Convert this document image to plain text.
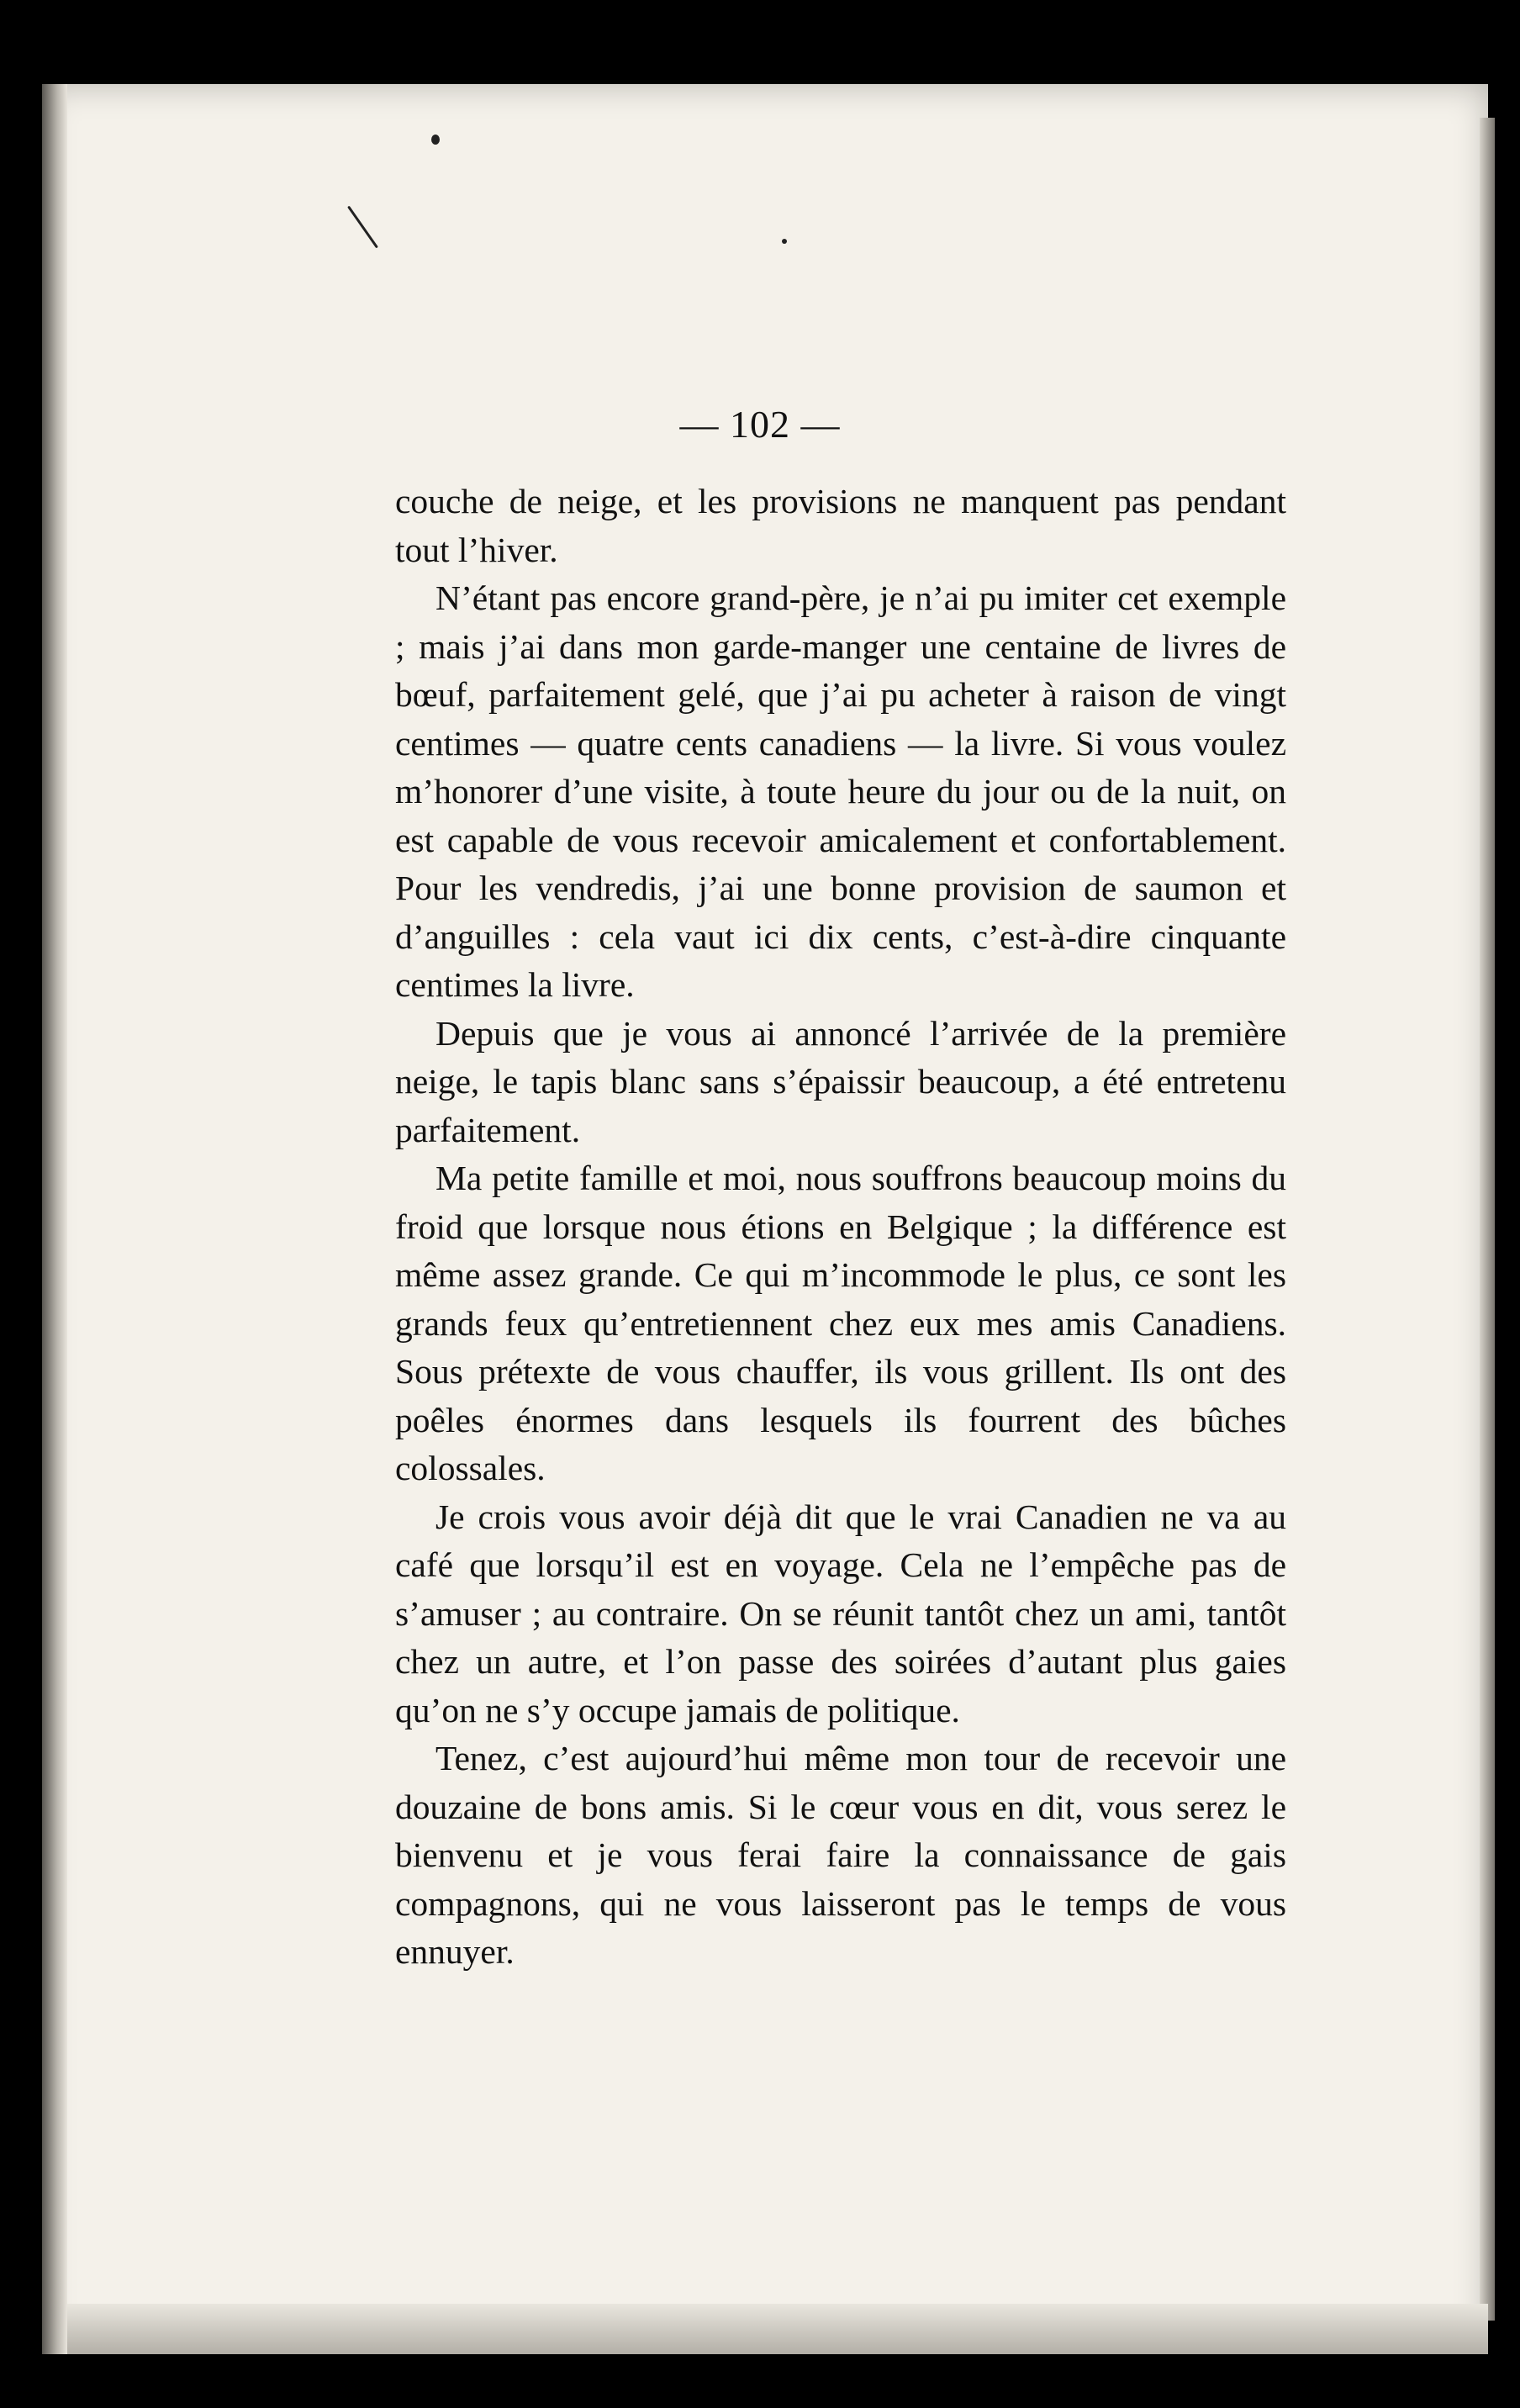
— 102 —

couche de neige, et les provisions ne manquent pas pendant tout l’hiver.

N’étant pas encore grand-père, je n’ai pu imiter cet exemple ; mais j’ai dans mon garde-manger une centaine de livres de bœuf, parfaitement gelé, que j’ai pu acheter à raison de vingt centimes — quatre cents canadiens — la livre. Si vous voulez m’honorer d’une visite, à toute heure du jour ou de la nuit, on est capable de vous recevoir amicalement et confortablement. Pour les vendredis, j’ai une bonne provision de saumon et d’anguilles : cela vaut ici dix cents, c’est-à-dire cinquante centimes la livre.

Depuis que je vous ai annoncé l’arrivée de la première neige, le tapis blanc sans s’épaissir beaucoup, a été entretenu parfaitement.

Ma petite famille et moi, nous souffrons beaucoup moins du froid que lorsque nous étions en Belgique ; la différence est même assez grande. Ce qui m’incommode le plus, ce sont les grands feux qu’entretiennent chez eux mes amis Canadiens. Sous prétexte de vous chauffer, ils vous grillent. Ils ont des poêles énormes dans lesquels ils fourrent des bûches colossales.

Je crois vous avoir déjà dit que le vrai Canadien ne va au café que lorsqu’il est en voyage. Cela ne l’empêche pas de s’amuser ; au contraire. On se réunit tantôt chez un ami, tantôt chez un autre, et l’on passe des soirées d’autant plus gaies qu’on ne s’y occupe jamais de politique.

Tenez, c’est aujourd’hui même mon tour de recevoir une douzaine de bons amis. Si le cœur vous en dit, vous serez le bienvenu et je vous ferai faire la connaissance de gais compagnons, qui ne vous laisseront pas le temps de vous ennuyer.
